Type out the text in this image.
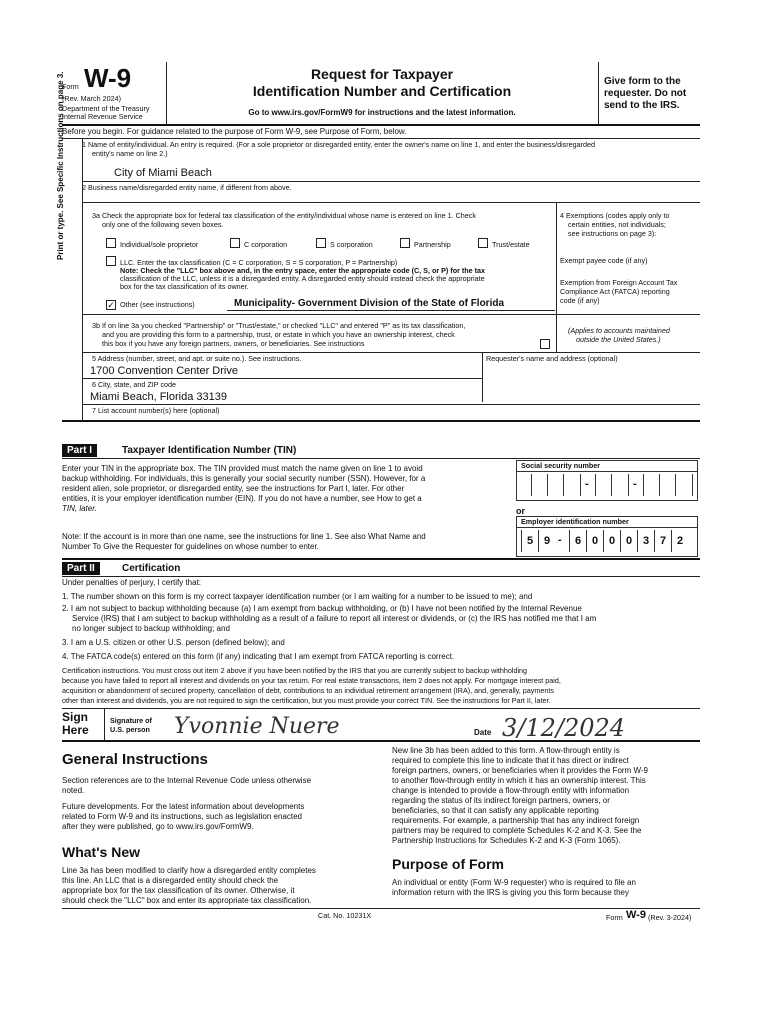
Form W-9
(Rev. March 2024)
Department of the Treasury
Internal Revenue Service
Request for Taxpayer
Identification Number and Certification
Go to www.irs.gov/FormW9 for instructions and the latest information.
Give form to the
requester. Do not
send to the IRS.
Before you begin. For guidance related to the purpose of Form W-9, see Purpose of Form, below.
Print or type. See Specific Instructions on page 3. 1 Name of entity/individual. An entry is required. (For a sole proprietor or disregarded entity, enter the owner's name on line 1, and enter the business/disregarded
entity's name on line 2.)
City of Miami Beach
2 Business name/disregarded entity name, if different from above.
3a Check the appropriate box for federal tax classification of the entity/individual whose name is entered on line 1. Check
only one of the following seven boxes.
Individual/sole proprietor	C corporation	S corporation	Partnership	Trust/estate
LLC. Enter the tax classification (C = C corporation, S = S corporation, P = Partnership)
Note: Check the "LLC" box above and, in the entry space, enter the appropriate code (C, S, or P) for the tax
classification of the LLC, unless it is a disregarded entity. A disregarded entity should instead check the appropriate
box for the tax classification of its owner.
✓ Other (see instructions)	Municipality- Government Division of the State of Florida
3b If on line 3a you checked "Partnership" or "Trust/estate," or checked "LLC" and entered "P" as its tax classification,
and you are providing this form to a partnership, trust, or estate in which you have an ownership interest, check
this box if you have any foreign partners, owners, or beneficiaries. See instructions
4 Exemptions (codes apply only to
certain entities, not individuals;
see instructions on page 3):
Exempt payee code (if any)
Exemption from Foreign Account Tax
Compliance Act (FATCA) reporting
code (if any)
(Applies to accounts maintained
outside the United States.)
5 Address (number, street, and apt. or suite no.). See instructions.	Requester's name and address (optional)
1700 Convention Center Drive
6 City, state, and ZIP code
Miami Beach, Florida 33139
7 List account number(s) here (optional)
Part I	Taxpayer Identification Number (TIN)
Enter your TIN in the appropriate box. The TIN provided must match the name given on line 1 to avoid
backup withholding. For individuals, this is generally your social security number (SSN). However, for a
resident alien, sole proprietor, or disregarded entity, see the instructions for Part I, later. For other
entities, it is your employer identification number (EIN). If you do not have a number, see How to get a
TIN, later.
Note: If the account is in more than one name, see the instructions for line 1. See also What Name and
Number To Give the Requester for guidelines on whose number to enter.
Social security number
-	-
or
Employer identification number
5 9 -	6 0 0 0 3 7 2
Part II	Certification
Under penalties of perjury, I certify that:
1. The number shown on this form is my correct taxpayer identification number (or I am waiting for a number to be issued to me); and
2. I am not subject to backup withholding because (a) I am exempt from backup withholding, or (b) I have not been notified by the Internal Revenue
Service (IRS) that I am subject to backup withholding as a result of a failure to report all interest or dividends, or (c) the IRS has notified me that I am
no longer subject to backup withholding; and
3. I am a U.S. citizen or other U.S. person (defined below); and
4. The FATCA code(s) entered on this form (if any) indicating that I am exempt from FATCA reporting is correct.
Certification instructions. You must cross out item 2 above if you have been notified by the IRS that you are currently subject to backup withholding
because you have failed to report all interest and dividends on your tax return. For real estate transactions, item 2 does not apply. For mortgage interest paid,
acquisition or abandonment of secured property, cancellation of debt, contributions to an individual retirement arrangement (IRA), and, generally, payments
other than interest and dividends, you are not required to sign the certification, but you must provide your correct TIN. See the instructions for Part II, later.
Sign
Here
Signature of
U.S. person Yvonnie Nuere	Date 3/12/2024
General Instructions
Section references are to the Internal Revenue Code unless otherwise
noted.
Future developments. For the latest information about developments
related to Form W-9 and its instructions, such as legislation enacted
after they were published, go to www.irs.gov/FormW9.
What's New
Line 3a has been modified to clarify how a disregarded entity completes
this line. An LLC that is a disregarded entity should check the
appropriate box for the tax classification of its owner. Otherwise, it
should check the "LLC" box and enter its appropriate tax classification.
New line 3b has been added to this form. A flow-through entity is
required to complete this line to indicate that it has direct or indirect
foreign partners, owners, or beneficiaries when it provides the Form W-9
to another flow-through entity in which it has an ownership interest. This
change is intended to provide a flow-through entity with information
regarding the status of its indirect foreign partners, owners, or
beneficiaries, so that it can satisfy any applicable reporting
requirements. For example, a partnership that has any indirect foreign
partners may be required to complete Schedules K-2 and K-3. See the
Partnership Instructions for Schedules K-2 and K-3 (Form 1065).
Purpose of Form
An individual or entity (Form W-9 requester) who is required to file an
information return with the IRS is giving you this form because they
Cat. No. 10231X	Form W-9 (Rev. 3-2024)
